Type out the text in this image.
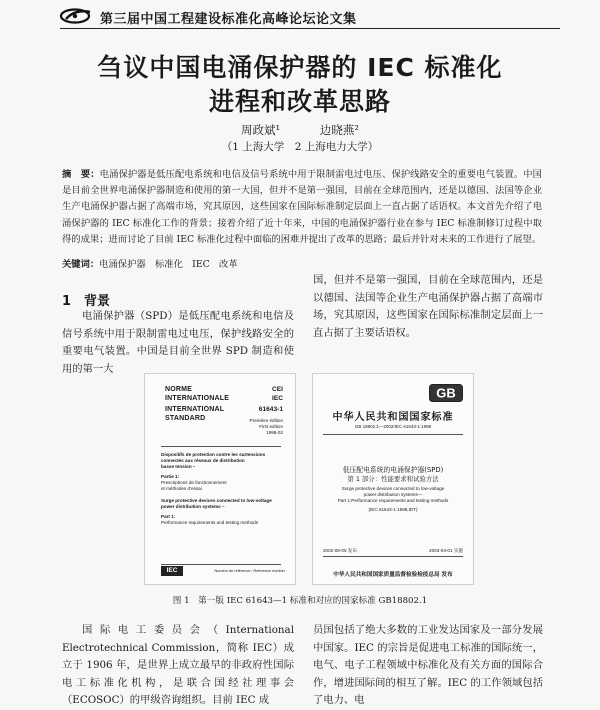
第三届中国工程建设标准化高峰论坛论文集
刍议中国电涌保护器的 IEC 标准化
进程和改革思路
周政斌¹	边晓燕²
（1 上海大学　2 上海电力大学）
摘　要：电涌保护器是低压配电系统和电信及信号系统中用于限制雷电过电压、保护线路安全的重要电气装置。中国是目前全世界电涌保护器制造和使用的第一大国，但并不是第一强国，目前在全球范围内，还是以德国、法国等企业生产电涌保护器占据了高端市场，究其原因，这些国家在国际标准制定层面上一直占据了话语权。本文首先介绍了电涌保护器的 IEC 标准化工作的背景；接着介绍了近十年来，中国的电涌保护器行业在参与 IEC 标准制修订过程中取得的成果；进而讨论了目前 IEC 标准化过程中面临的困难并提出了改革的思路；最后并针对未来的工作进行了展望。
关键词：电涌保护器　标准化　IEC　改革
1　背景
电涌保护器（SPD）是低压配电系统和电信及信号系统中用于限制雷电过电压，保护线路安全的重要电气装置。中国是目前全世界 SPD 制造和使用的第一大
国，但并不是第一强国，目前在全球范围内，还是以德国、法国等企业生产电涌保护器占据了高端市场，究其原因，这些国家在国际标准制定层面上一直占据了主要话语权。
NORME
INTERNATIONALE
INTERNATIONAL
STANDARD
CEI
IEC
61643-1
Première édition
First edition
1998-02
Dispositifs de protection contre les surtensions
connectés aux réseaux de distribution
basse tension –
Partie 1:
Prescriptions de fonctionnement
et méthodes d'essai
Surge protective devices connected to low-voltage
power distribution systems –
Part 1:
Performance requirements and testing methods
IEC	Numéro de référence / Reference number
GB
中华人民共和国国家标准
GB 18802.1—2002/IEC 61643-1:1998
低压配电系统的电涌保护器(SPD)
第 1 部分：性能要求和试验方法
Surge protective devices connected to low-voltage
power distribution systems—
Part 1:Performance requirements and testing methods
(IEC 61643-1:1998,IDT)
2002-09-05 发布	2003-04-01 实施
中华人民共和国国家质量监督检验检疫总局 发布
图 1　第一版 IEC 61643—1 标准和对应的国家标准 GB18802.1
国际电工委员会（International Electrotechnical Commission，简称 IEC）成立于 1906 年，是世界上成立最早的非政府性国际电工标准化机构，是联合国经社理事会（ECOSOC）的甲级咨询组织。目前 IEC 成
员国包括了绝大多数的工业发达国家及一部分发展中国家。IEC 的宗旨是促进电工标准的国际统一，电气、电子工程领域中标准化及有关方面的国际合作，增进国际间的相互了解。IEC 的工作领域包括了电力、电
